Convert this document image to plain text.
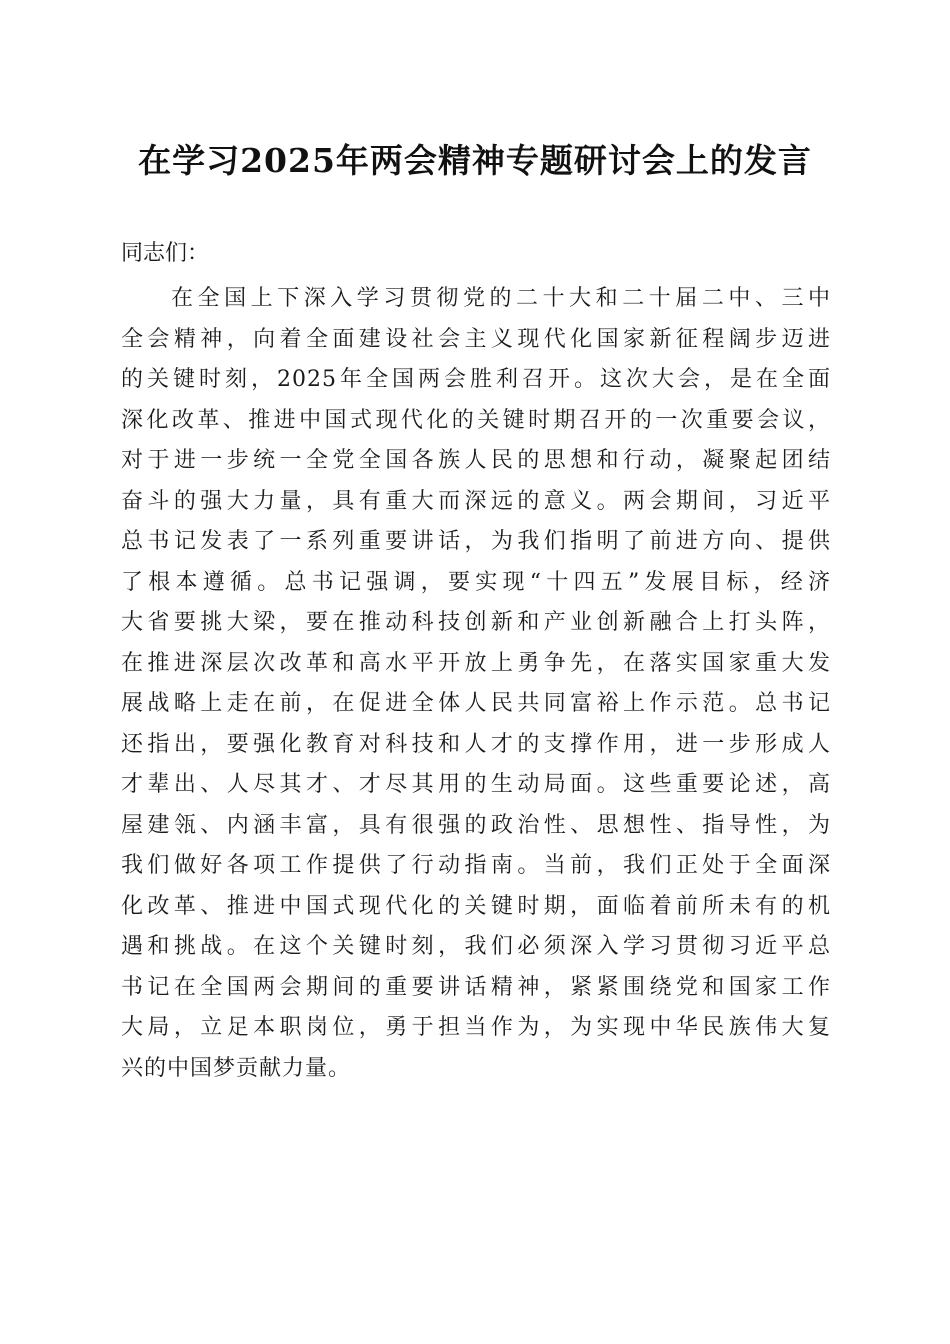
在学习2025年两会精神专题研讨会上的发言

同志们：

在全国上下深入学习贯彻党的二十大和二十届二中、三中
全会精神，向着全面建设社会主义现代化国家新征程阔步迈进
的关键时刻，2025年全国两会胜利召开。这次大会，是在全面
深化改革、推进中国式现代化的关键时期召开的一次重要会议，
对于进一步统一全党全国各族人民的思想和行动，凝聚起团结
奋斗的强大力量，具有重大而深远的意义。两会期间，习近平
总书记发表了一系列重要讲话，为我们指明了前进方向、提供
了根本遵循。总书记强调，要实现“十四五”发展目标，经济
大省要挑大梁，要在推动科技创新和产业创新融合上打头阵，
在推进深层次改革和高水平开放上勇争先，在落实国家重大发
展战略上走在前，在促进全体人民共同富裕上作示范。总书记
还指出，要强化教育对科技和人才的支撑作用，进一步形成人
才辈出、人尽其才、才尽其用的生动局面。这些重要论述，高
屋建瓴、内涵丰富，具有很强的政治性、思想性、指导性，为
我们做好各项工作提供了行动指南。当前，我们正处于全面深
化改革、推进中国式现代化的关键时期，面临着前所未有的机
遇和挑战。在这个关键时刻，我们必须深入学习贯彻习近平总
书记在全国两会期间的重要讲话精神，紧紧围绕党和国家工作
大局，立足本职岗位，勇于担当作为，为实现中华民族伟大复
兴的中国梦贡献力量。
